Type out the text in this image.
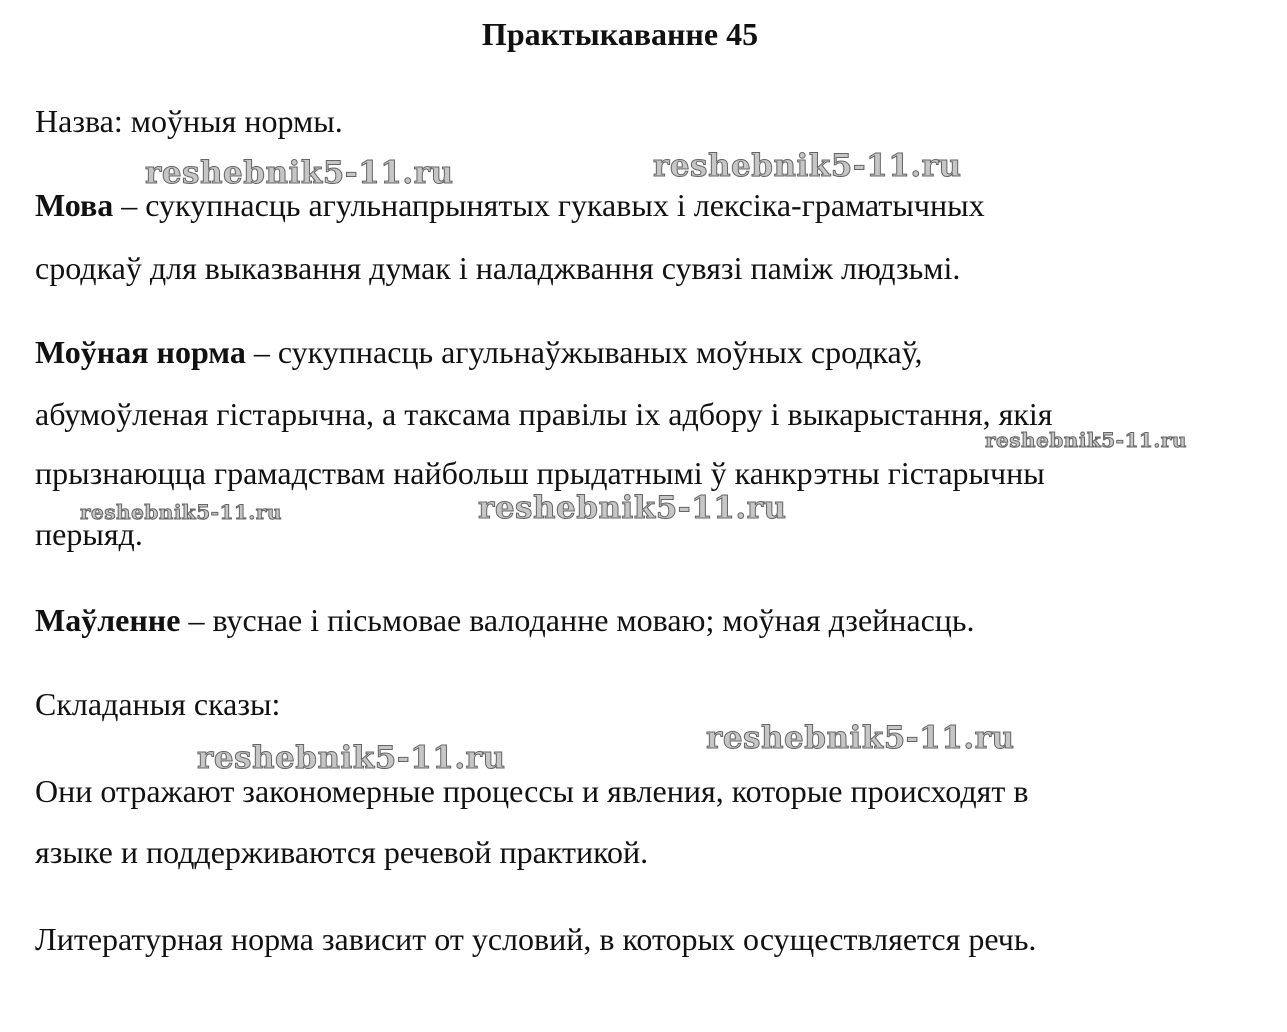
Практыкаванне 45
Назва: моўныя нормы.
Мова – сукупнасць агульнапрынятых гукавых і лексіка-граматычных
сродкаў для выказвання думак і наладжвання сувязі паміж людзьмі.
Моўная норма – сукупнасць агульнаўжываных моўных сродкаў,
абумоўленая гістарычна, а таксама правілы іх адбору і выкарыстання, якія
прызнаюцца грамадствам найбольш прыдатнымі ў канкрэтны гістарычны
перыяд.
Маўленне – вуснае і пісьмовае валоданне моваю; моўная дзейнасць.
Складаныя сказы:
Они отражают закономерные процессы и явления, которые происходят в
языке и поддерживаются речевой практикой.
Литературная норма зависит от условий, в которых осуществляется речь.
reshebnik5-11.ru	reshebnik5-11.ru
reshebnik5-11.ru
reshebnik5-11.ru	reshebnik5-11.ru
reshebnik5-11.ru
reshebnik5-11.ru
